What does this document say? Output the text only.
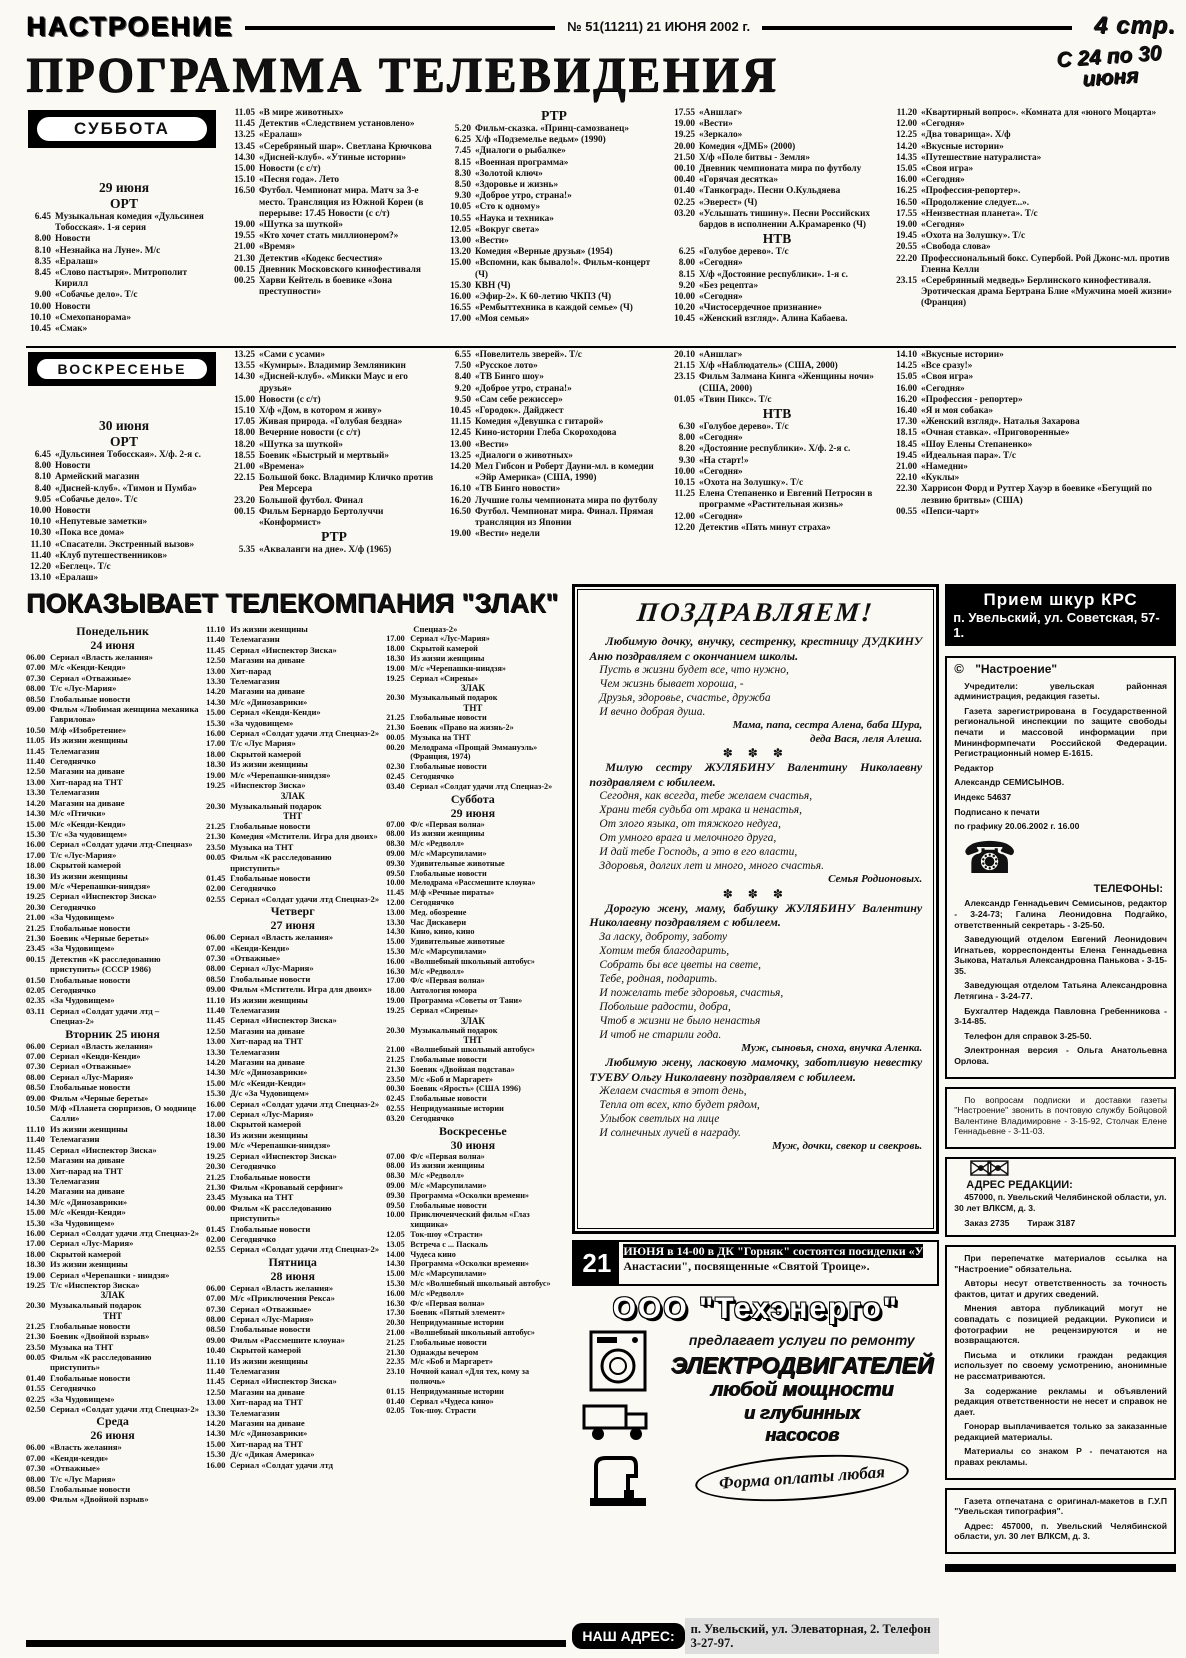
НАСТРОЕНИЕ	№ 51(11211) 21 ИЮНЯ 2002 г.	4 стр.
ПРОГРАММА ТЕЛЕВИДЕНИЯ	С 24 по 30
июня
СУББОТА
29 июня
ОРТ
6.45 Музыкальная комедия «Дульсинея Тобосская». 1-я серия
8.00 Новости
8.10 «Незнайка на Луне». М/с
8.35 «Ералаш»
8.45 «Слово пастыря». Митрополит Кирилл
9.00 «Собачье дело». Т/с
10.00 Новости
10.10 «Смехопанорама»
10.45 «Смак»
11.05 «В мире животных»
11.45 Детектив «Следствием установлено»
13.25 «Ералаш»
13.45 «Серебряный шар». Светлана Крючкова
14.30 «Дисней-клуб». «Утиные истории»
15.00 Новости (с с/т)
15.10 «Песня года». Лето
16.50 Футбол. Чемпионат мира. Матч за 3-е место. Трансляция из Южной Кореи (в перерыве: 17.45 Новости (с с/т)
19.00 «Шутка за шуткой»
19.55 «Кто хочет стать миллионером?»
21.00 «Время»
21.30 Детектив «Кодекс бесчестия»
00.15 Дневник Московского кинофестиваля
00.25 Харви Кейтель в боевике «Зона преступности»
РТР
5.20 Фильм-сказка. «Принц-самозванец»
6.25 Х/ф «Подземелье ведьм» (1990)
7.45 «Диалоги о рыбалке»
8.15 «Военная программа»
8.30 «Золотой ключ»
8.50 «Здоровье и жизнь»
9.30 «Доброе утро, страна!»
10.05 «Сто к одному»
10.55 «Наука и техника»
12.05 «Вокруг света»
13.00 «Вести»
13.20 Комедия «Верные друзья» (1954)
15.00 «Вспомни, как бывало!». Фильм-концерт (Ч)
15.30 КВН (Ч)
16.00 «Эфир-2». К 60-летию ЧКПЗ (Ч)
16.55 «Рембыттехника в каждой семье» (Ч)
17.00 «Моя семья»
17.55 «Аншлаг»
19.00 «Вести»
19.25 «Зеркало»
20.00 Комедия «ДМБ» (2000)
21.50 Х/ф «Поле битвы - Земля»
00.10 Дневник чемпионата мира по футболу
00.40 «Горячая десятка»
01.40 «Танкоград». Песни О.Кульдяева
02.25 «Эверест» (Ч)
03.20 «Услышать тишину». Песни Российских бардов в исполнении А.Крамаренко (Ч)
НТВ
6.25 «Голубое дерево». Т/с
8.00 «Сегодня»
8.15 Х/ф «Достояние республики». 1-я с.
9.20 «Без рецепта»
10.00 «Сегодня»
10.20 «Чистосердечное признание»
10.45 «Женский взгляд». Алина Кабаева.
11.20 «Квартирный вопрос». «Комната для «юного Моцарта»
12.00 «Сегодня»
12.25 «Два товарища». Х/ф
14.20 «Вкусные истории»
14.35 «Путешествие натуралиста»
15.05 «Своя игра»
16.00 «Сегодня»
16.25 «Профессия-репортер».
16.50 «Продолжение следует...».
17.55 «Неизвестная планета». Т/с
19.00 «Сегодня»
19.45 «Охота на Золушку». Т/с
20.55 «Свобода слова»
22.20 Профессиональный бокс. Супербой. Рой Джонс-мл. против Гленна Келли
23.15 «Серебрянный медведь» Берлинского кинофестиваля. Эротическая драма Бертрана Блие «Мужчина моей жизни» (Франция)
ВОСКРЕСЕНЬЕ
30 июня
ОРТ
6.45 «Дульсинея Тобосская». Х/ф. 2-я с.
8.00 Новости
8.10 Армейский магазин
8.40 «Дисней-клуб». «Тимон и Пумба»
9.05 «Собачье дело». Т/с
10.00 Новости
10.10 «Непутевые заметки»
10.30 «Пока все дома»
11.10 «Спасатели. Экстренный вызов»
11.40 «Клуб путешественников»
12.20 «Беглец». Т/с
13.10 «Ералаш»
13.25 «Сами с усами»
13.55 «Кумиры». Владимир Земляникин
14.30 «Дисней-клуб». «Микки Маус и его друзья»
15.00 Новости (с с/т)
15.10 Х/ф «Дом, в котором я живу»
17.05 Живая природа. «Голубая бездна»
18.00 Вечерние новости (с с/т)
18.20 «Шутка за шуткой»
18.55 Боевик «Быстрый и мертвый»
21.00 «Времена»
22.15 Большой бокс. Владимир Кличко против Рея Мерсера
23.20 Большой футбол. Финал
00.15 Фильм Бернардо Бертолуччи «Конформист»
РТР
5.35 «Акваланги на дне». Х/ф (1965)
6.55 «Повелитель зверей». Т/с
7.50 «Русское лото»
8.40 «ТВ Бинго шоу»
9.20 «Доброе утро, страна!»
9.50 «Сам себе режиссер»
10.45 «Городок». Дайджест
11.15 Комедия «Девушка с гитарой»
12.45 Кино-истории Глеба Скороходова
13.00 «Вести»
13.25 «Диалоги о животных»
14.20 Мел Гибсон и Роберт Дауни-мл. в комедии «Эйр Америка» (США, 1990)
16.10 «ТВ Бинго новости»
16.20 Лучшие голы чемпионата мира по футболу
16.50 Футбол. Чемпионат мира. Финал. Прямая трансляция из Японии
19.00 «Вести» недели
20.10 «Аншлаг»
21.15 Х/ф «Наблюдатель» (США, 2000)
23.15 Фильм Залмана Кинга «Женщины ночи» (США, 2000)
01.05 «Твин Пикс». Т/с
НТВ
6.30 «Голубое дерево». Т/с
8.00 «Сегодня»
8.20 «Достояние республики». Х/ф. 2-я с.
9.30 «На старт!»
10.00 «Сегодня»
10.15 «Охота на Золушку». Т/с
11.25 Елена Степаненко и Евгений Петросян в программе «Растительная жизнь»
12.00 «Сегодня»
12.20 Детектив «Пять минут страха»
14.10 «Вкусные истории»
14.25 «Все сразу!»
15.05 «Своя игра»
16.00 «Сегодня»
16.20 «Профессия - репортер»
16.40 «Я и моя собака»
17.30 «Женский взгляд». Наталья Захарова
18.15 «Очная ставка». «Приговоренные»
18.45 «Шоу Елены Степаненко»
19.45 «Идеальная пара». Т/с
21.00 «Намедни»
22.10 «Куклы»
22.30 Харрисон Форд и Рутгер Хауэр в боевике «Бегущий по лезвию бритвы» (США)
00.55 «Пепси-чарт»
ПОКАЗЫВАЕТ ТЕЛЕКОМПАНИЯ "ЗЛАК"
Понедельник
24 июня
06.00 Сериал «Власть желания»
07.00 М/с «Кенди-Кенди»
07.30 Сериал «Отважные»
08.00 Т/с «Лус-Мария»
08.50 Глобальные новости
09.00 Фильм «Любимая женщина механика Гаврилова»
10.50 М/ф «Изобретение»
11.05 Из жизни женщины
11.45 Телемагазин
11.40 Сегоднячко
12.50 Магазин на диване
13.00 Хит-парад на ТНТ
13.30 Телемагазин
14.20 Магазин на диване
14.30 М/с «Птички»
15.00 М/с «Кенди-Кенди»
15.30 Т/с «За чудовищем»
16.00 Сериал «Солдат удачи лтд-Спецназ»
17.00 Т/с «Лус-Мария»
18.00 Скрытой камерой
18.30 Из жизни женщины
19.00 М/с «Черепашки-ниндзя»
19.25 Сериал «Инспектор Зиска»
20.30 Сегоднячко
21.00 «За Чудовищем»
21.25 Глобальные новости
21.30 Боевик «Черные береты»
23.45 «За Чудовищем»
00.15 Детектив «К расследованию приступить» (СССР 1986)
01.50 Глобальные новости
02.05 Сегоднячко
02.35 «За Чудовищем»
03.11 Сериал «Солдат удачи лтд – Спецназ-2»
Вторник 25 июня
06.00 Сериал «Власть желания»
07.00 Сериал «Кенди-Кенди»
07.30 Сериал «Отважные»
08.00 Сериал «Лус-Мария»
08.50 Глобальные новости
09.00 Фильм «Черные береты»
10.50 М/ф «Планета сюрпризов, О моднице Салли»
11.10 Из жизни женщины
11.40 Телемагазин
11.45 Сериал «Инспектор Зиска»
12.50 Магазин на диване
13.00 Хит-парад на ТНТ
13.30 Телемагазин
14.20 Магазин на диване
14.30 М/с «Динозаврики»
15.00 М/с «Кенди-Кенди»
15.30 «За Чудовищем»
16.00 Сериал «Солдат удачи лтд Спецназ-2»
17.00 Сериал «Лус-Мария»
18.00 Скрытой камерой
18.30 Из жизни женщины
19.00 Сериал «Черепашки - ниндзя»
19.25 Т/с «Инспектор Зиска»
ЗЛАК
20.30 Музыкальный подарок
ТНТ
21.25 Глобальные новости
21.30 Боевик «Двойной взрыв»
23.50 Музыка на ТНТ
00.05 Фильм «К расследованию приступить»
01.40 Глобальные новости
01.55 Сегоднячко
02.25 «За Чудовищем»
02.50 Сериал «Солдат удачи лтд Спецназ-2»
Среда
26 июня
06.00 «Власть желания»
07.00 «Кенди-кенди»
07.30 «Отважные»
08.00 Т/с «Лус Мария»
08.50 Глобальные новости
09.00 Фильм «Двойной взрыв»
11.10 Из жизни женщины
11.40 Телемагазин
11.45 Сериал «Инспектор Зиска»
12.50 Магазин на диване
13.00 Хит-парад
13.30 Телемагазин
14.20 Магазин на диване
14.30 М/с «Динозаврики»
15.00 Сериал «Кенди-Кенди»
15.30 «За чудовищем»
16.00 Сериал «Солдат удачи лтд Спецназ-2»
17.00 Т/с «Лус Мария»
18.00 Скрытой камерой
18.30 Из жизни женщины
19.00 М/с «Черепашки-ниндзя»
19.25 «Инспектор Зиска»
ЗЛАК
20.30 Музыкальный подарок
ТНТ
21.25 Глобальные новости
21.30 Комедия «Мстители. Игра для двоих»
23.50 Музыка на ТНТ
00.05 Фильм «К расследованию приступить»
01.45 Глобальные новости
02.00 Сегоднячко
02.55 Сериал «Солдат удачи лтд Спецназ-2»
Четверг
27 июня
06.00 Сериал «Власть желания»
07.00 «Кенди-Кенди»
07.30 «Отважные»
08.00 Сериал «Лус-Мария»
08.50 Глобальные новости
09.00 Фильм «Мстители. Игра для двоих»
11.10 Из жизни женщины
11.40 Телемагазин
11.45 Сериал «Инспектор Зиска»
12.50 Магазин на диване
13.00 Хит-парад на ТНТ
13.30 Телемагазин
14.20 Магазин на диване
14.30 М/с «Динозаврики»
15.00 М/с «Кенди-Кенди»
15.30 Д/с «За Чудовищем»
16.00 Сериал «Солдат удачи лтд Спецназ-2»
17.00 Сериал «Лус-Мария»
18.00 Скрытой камерой
18.30 Из жизни женщины
19.00 М/с «Черепашки-ниндзя»
19.25 Сериал «Инспектор Зиска»
20.30 Сегоднячко
21.25 Глобальные новости
21.30 Фильм «Кровавый серфинг»
23.45 Музыка на ТНТ
00.00 Фильм «К расследованию приступить»
01.45 Глобальные новости
02.00 Сегоднячко
02.55 Сериал «Солдат удачи лтд Спецназ-2»
Пятница
28 июня
06.00 Сериал «Власть желания»
07.00 М/с «Приключения Рекса»
07.30 Сериал «Отважные»
08.00 Сериал «Лус-Мария»
08.50 Глобальные новости
09.00 Фильм «Рассмешите клоуна»
10.40 Скрытой камерой
11.10 Из жизни женщины
11.40 Телемагазин
11.45 Сериал «Инспектор Зиска»
12.50 Магазин на диване
13.00 Хит-парад на ТНТ
13.30 Телемагазин
14.20 Магазин на диване
14.30 М/с «Динозаврики»
15.00 Хит-парад на ТНТ
15.30 Д/с «Дикая Америка»
16.00 Сериал «Солдат удачи лтд
Спецназ-2»
17.00 Сериал «Лус-Мария»
18.00 Скрытой камерой
18.30 Из жизни женщины
19.00 М/с «Черепашки-ниндзя»
19.25 Сериал «Сирены»
ЗЛАК
20.30 Музыкальный подарок
ТНТ
21.25 Глобальные новости
21.30 Боевик «Право на жизнь-2»
00.05 Музыка на ТНТ
00.20 Мелодрама «Прощай Эммануэль» (Франция, 1974)
02.30 Глобальные новости
02.45 Сегоднячко
03.40 Сериал «Солдат удачи лтд Спецназ-2»
Суббота
29 июня
07.00 Ф/с «Первая волна»
08.00 Из жизни женщины
08.30 М/с «Редволл»
09.00 М/с «Марсупилами»
09.30 Удивительные животные
09.50 Глобальные новости
10.00 Мелодрама «Рассмешите клоуна»
11.45 М/ф «Речные пираты»
12.00 Сегоднячко
13.00 Мед. обозрение
13.30 Час Дискавери
14.30 Кино, кино, кино
15.00 Удивительные животные
15.30 М/с «Марсупилами»
16.00 «Волшебный школьный автобус»
16.30 М/с «Редволл»
17.00 Ф/с «Первая волна»
18.00 Антология юмора
19.00 Программа «Советы от Тани»
19.25 Сериал «Сирены»
ЗЛАК
20.30 Музыкальный подарок
ТНТ
21.00 «Волшебный школьный автобус»
21.25 Глобальные новости
21.30 Боевик «Двойная подстава»
23.50 М/с «Боб и Маргарет»
00.30 Боевик «Ярость» (США 1996)
02.45 Глобальные новости
02.55 Непридуманные истории
03.20 Сегоднячко
Воскресенье
30 июня
07.00 Ф/с «Первая волна»
08.00 Из жизни женщины
08.30 М/с «Редволл»
09.00 М/с «Марсупилами»
09.30 Программа «Осколки времени»
09.50 Глобальные новости
10.00 Приключенческий фильм «Глаз хищника»
12.05 Ток-шоу «Страсти»
13.05 Встреча с ... Паскаль
14.00 Чудеса кино
14.30 Программа «Осколки времени»
15.00 М/с «Марсупилами»
15.30 М/с «Волшебный школьный автобус»
16.00 М/с «Редволл»
16.30 Ф/с «Первая волна»
17.30 Боевик «Пятый элемент»
20.30 Непридуманные истории
21.00 «Волшебный школьный автобус»
21.25 Глобальные новости
21.30 Однажды вечером
22.35 М/с «Боб и Маргарет»
23.10 Ночной канал «Для тех, кому за полночь»
01.15 Непридуманные истории
01.40 Сериал «Чудеса кино»
02.05 Ток-шоу. Страсти
ПОЗДРАВЛЯЕМ!

Любимую дочку, внучку, сестренку, крестницу ДУДКИНУ Аню поздравляем с окончанием школы.

Пусть в жизни будет все, что нужно,
Чем жизнь бывает хороша, -
Друзья, здоровье, счастье, дружба
И вечно добрая душа.
Мама, папа, сестра Алена, баба Шура,
деда Вася, леля Алеша.
✽ ✽ ✽

Милую сестру ЖУЛЯБИНУ Валентину Николаевну поздравляем с юбилеем.

Сегодня, как всегда, тебе желаем счастья,
Храни тебя судьба от мрака и ненастья,
От злого языка, от тяжкого недуга,
От умного врага и мелочного друга,
И дай тебе Господь, а это в его власти,
Здоровья, долгих лет и много, много счастья.
Семья Родионовых.
✽ ✽ ✽

Дорогую жену, маму, бабушку ЖУЛЯБИНУ Валентину Николаевну поздравляем с юбилеем.

За ласку, доброту, заботу
Хотим тебя благодарить,
Собрать бы все цветы на свете,
Тебе, родная, подарить.
И пожелать тебе здоровья, счастья,
Побольше радости, добра,
Чтоб в жизни не было ненастья
И чтоб не старили года.
Муж, сыновья, сноха, внучка Аленка.

Любимую жену, ласковую мамочку, заботливую невестку ТУЕВУ Ольгу Николаевну поздравляем с юбилеем.

Желаем счастья в этот день,
Тепла от всех, кто будет рядом,
Улыбок светлых на лице
И солнечных лучей в награду.
Муж, дочки, свекор и свекровь.
21	ИЮНЯ в 14-00 в ДК "Горняк" состоятся посиделки «У Анастасии", посвященные «Святой Троице».
ООО "Техэнерго"
предлагает услуги по ремонту
ЭЛЕКТРОДВИГАТЕЛЕЙ
любой мощности
и глубинных
насосов
Форма оплаты любая
НАШ АДРЕС:	п. Увельский, ул. Элеваторная, 2. Телефон 3-27-97.
Прием шкур КРС
п. Увельский, ул. Советская, 57-1.
© "Настроение"

Учредители: увельская районная администрация, редакция газеты.

Газета зарегистрирована в Государственной региональной инспекции по защите свободы печати и массовой информации при Мининформпечати Российской Федерации. Регистрационный номер Е-1615.

Редактор

Александр СЕМИСЫНОВ.

Индекс 54637

Подписано к печати

по графику 20.06.2002 г. 16.00

☎
ТЕЛЕФОНЫ:

Александр Геннадьевич Семисынов, редактор - 3-24-73; Галина Леонидовна Подгайко, ответственный секретарь - 3-25-50.

Заведующий отделом Евгений Леонидович Игнатьев, корреспонденты Елена Геннадьевна Зыкова, Наталья Александровна Панькова - 3-15-35.

Заведующая отделом Татьяна Александровна Летягина - 3-24-77.

Бухгалтер Надежда Павловна Гребенникова - 3-14-85.

Телефон для справок 3-25-50.

Электронная версия - Ольга Анатольевна Орлова.

По вопросам подписки и доставки газеты "Настроение" звонить в почтовую службу Бойцовой Валентине Владимировне - 3-15-92, Столчак Елене Геннадьевне - 3-11-03.

✉✉
АДРЕС РЕДАКЦИИ:
457000, п. Увельский Челябинской области, ул. 30 лет ВЛКСМ, д. 3.
Заказ 2735 Тираж 3187

При перепечатке материалов ссылка на "Настроение" обязательна.

Авторы несут ответственность за точность фактов, цитат и других сведений.

Мнения автора публикаций могут не совпадать с позицией редакции. Рукописи и фотографии не рецензируются и не возвращаются.

Письма и отклики граждан редакция использует по своему усмотрению, анонимные не рассматриваются.

За содержание рекламы и объявлений редакция ответственности не несет и справок не дает.

Гонорар выплачивается только за заказанные редакцией материалы.

Материалы со знаком Р - печатаются на правах рекламы.

Газета отпечатана с оригинал-макетов в Г.У.П "Увельская типография".

Адрес: 457000, п. Увельский Челябинской области, ул. 30 лет ВЛКСМ, д. 3.
